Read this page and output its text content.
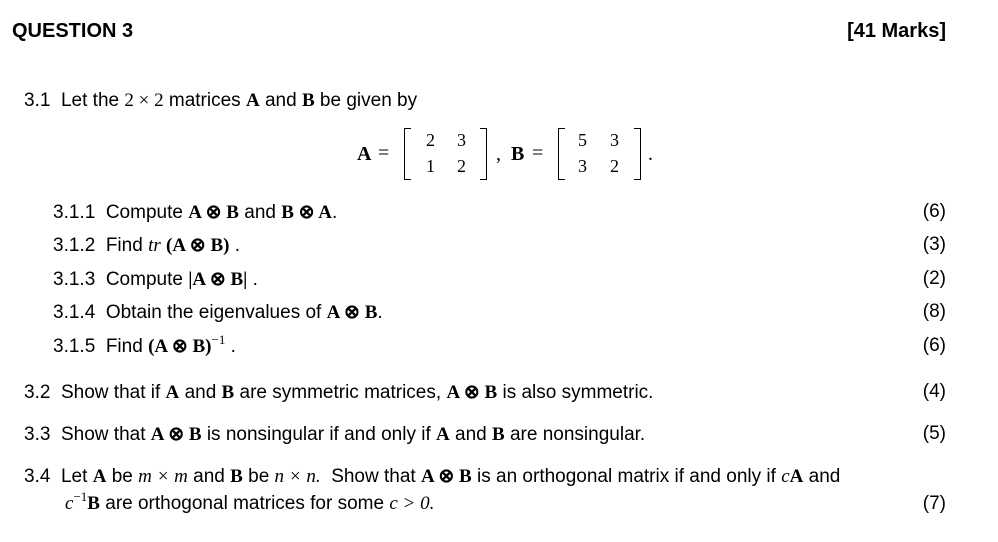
QUESTION 3	[41 Marks]
3.1 Let the 2 × 2 matrices A and B be given by
A =
2 3
1 2
, B =
5 3
3 2
.
3.1.1 Compute A ⊗ B and B ⊗ A.	(6)
3.1.2 Find tr (A ⊗ B) .	(3)
3.1.3 Compute |A ⊗ B| .	(2)
3.1.4 Obtain the eigenvalues of A ⊗ B.	(8)
3.1.5 Find (A ⊗ B)$^{-1}$ .	(6)
3.2 Show that if A and B are symmetric matrices, A ⊗ B is also symmetric.	(4)
3.3 Show that A ⊗ B is nonsingular if and only if A and B are nonsingular.	(5)
3.4 Let A be m × m and B be n × n. Show that A ⊗ B is an orthogonal matrix if and only if cA and
$c^{-1}B$ are orthogonal matrices for some c > 0.	(7)
